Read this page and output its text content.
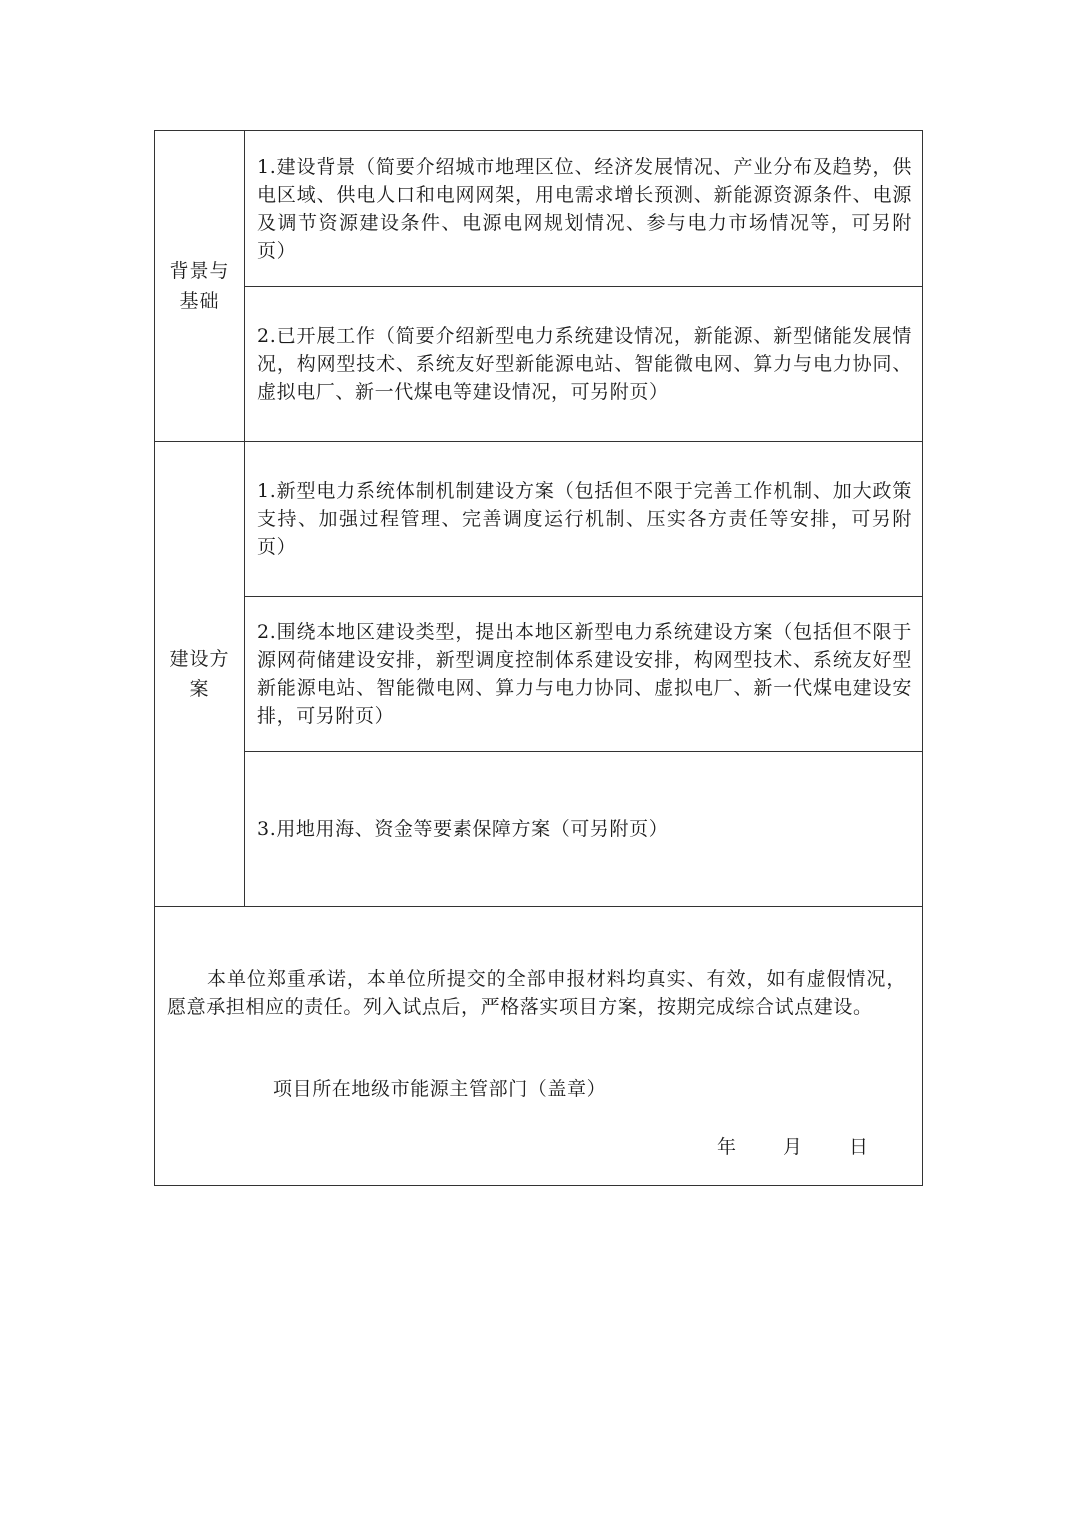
背景与基础	1.建设背景（简要介绍城市地理区位、经济发展情况、产业分布及趋势，供电区域、供电人口和电网网架，用电需求增长预测、新能源资源条件、电源及调节资源建设条件、电源电网规划情况、参与电力市场情况等，可另附页）

	2.已开展工作（简要介绍新型电力系统建设情况，新能源、新型储能发展情况，构网型技术、系统友好型新能源电站、智能微电网、算力与电力协同、虚拟电厂、新一代煤电等建设情况，可另附页）

建设方案	1.新型电力系统体制机制建设方案（包括但不限于完善工作机制、加大政策支持、加强过程管理、完善调度运行机制、压实各方责任等安排，可另附页）

	2.围绕本地区建设类型，提出本地区新型电力系统建设方案（包括但不限于源网荷储建设安排，新型调度控制体系建设安排，构网型技术、系统友好型新能源电站、智能微电网、算力与电力协同、虚拟电厂、新一代煤电建设安排，可另附页）

	3.用地用海、资金等要素保障方案（可另附页）

本单位郑重承诺，本单位所提交的全部申报材料均真实、有效，如有虚假情况，愿意承担相应的责任。列入试点后，严格落实项目方案，按期完成综合试点建设。
项目所在地级市能源主管部门（盖章）
年 月 日	
